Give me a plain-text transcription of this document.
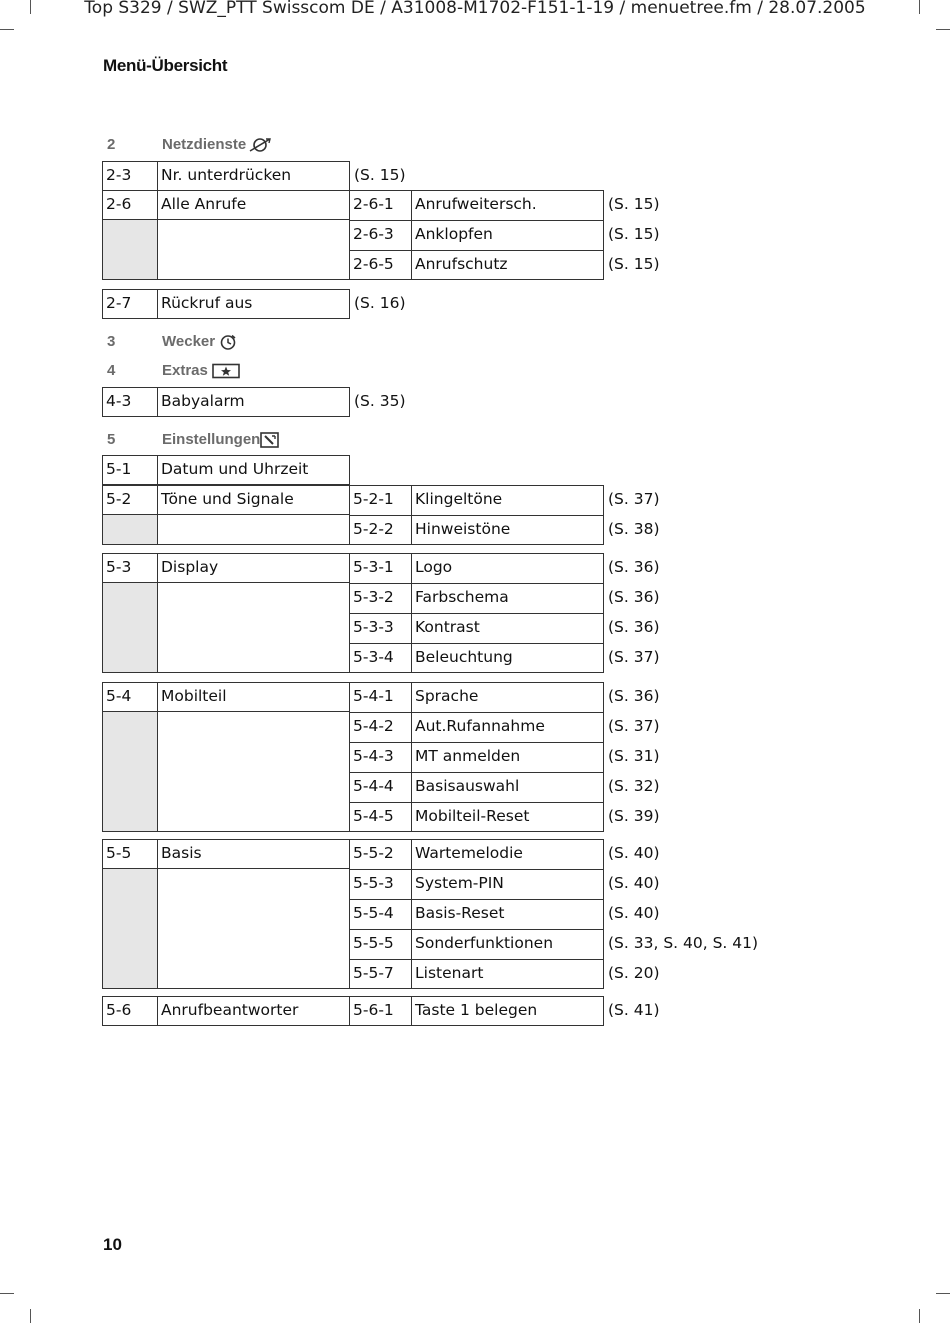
Top S329 / SWZ_PTT Swisscom DE / A31008-M1702-F151-1-19 / menuetree.fm / 28.07.2005
Menü-Übersicht
2	Netzdienste
3	Wecker
4	Extras
5	Einstellungen
2-3	Nr. unterdrücken	(S. 15)
2-6	Alle Anrufe	2-6-1	Anrufweitersch.	(S. 15)
2-6-3	Anklopfen	(S. 15)
2-6-5	Anrufschutz	(S. 15)
2-7	Rückruf aus	(S. 16)
4-3	Babyalarm	(S. 35)
5-1	Datum und Uhrzeit
5-2	Töne und Signale	5-2-1	Klingeltöne	(S. 37)
5-2-2	Hinweistöne	(S. 38)
5-3	Display	5-3-1	Logo	(S. 36)
5-3-2	Farbschema	(S. 36)
5-3-3	Kontrast	(S. 36)
5-3-4	Beleuchtung	(S. 37)
5-4	Mobilteil	5-4-1	Sprache	(S. 36)
5-4-2	Aut.Rufannahme	(S. 37)
5-4-3	MT anmelden	(S. 31)
5-4-4	Basisauswahl	(S. 32)
5-4-5	Mobilteil-Reset	(S. 39)
5-5	Basis	5-5-2	Wartemelodie	(S. 40)
5-5-3	System-PIN	(S. 40)
5-5-4	Basis-Reset	(S. 40)
5-5-5	Sonderfunktionen	(S. 33, S. 40, S. 41)
5-5-7	Listenart	(S. 20)
5-6	Anrufbeantworter	5-6-1	Taste 1 belegen	(S. 41)
10
